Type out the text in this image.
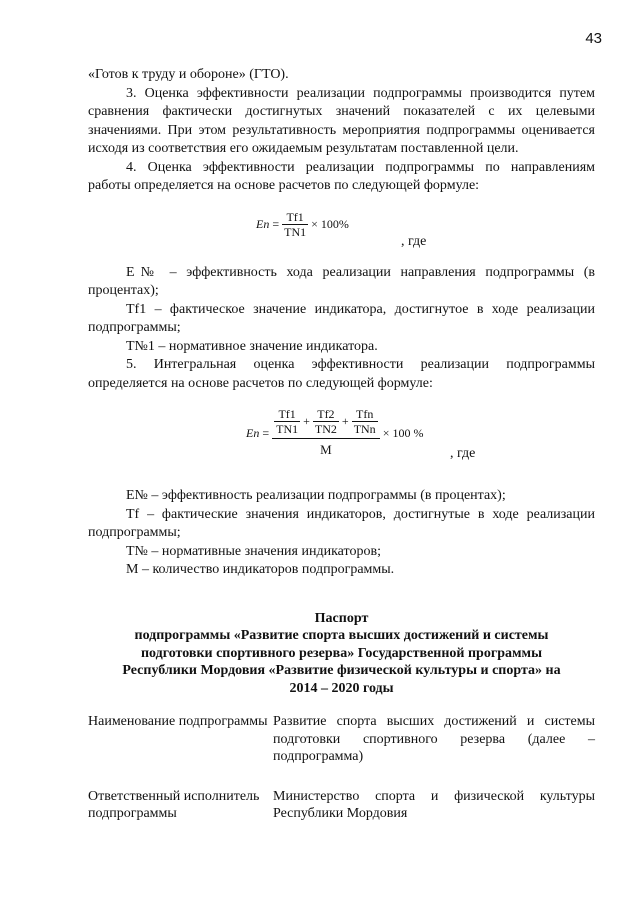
43

«Готов к труду и обороне» (ГТО).

3. Оценка эффективности реализации подпрограммы производится путем сравнения фактически достигнутых значений показателей с их целевыми значениями. При этом результативность мероприятия подпрограммы оценивается исходя из соответствия его ожидаемым результатам поставленной цели.

4. Оценка эффективности реализации подпрограммы по направлениям работы определяется на основе расчетов по следующей формуле:

$En = \frac{Tf1}{TN1} \times 100\%$
, где

Е№ – эффективность хода реализации направления подпрограммы (в процентах);

Tf1 – фактическое значение индикатора, достигнутое в ходе реализации подпрограммы;

Т№1 – нормативное значение индикатора.

5. Интегральная оценка эффективности реализации подпрограммы определяется на основе расчетов по следующей формуле:

$En = \frac{Tf1}{TN1} + \frac{Tf2}{TN2} + \frac{\text{Tfn}}{\text{TNn}}$
M
× 100 %
, где

Е№ – эффективность реализации подпрограммы (в процентах);

Tf – фактические значения индикаторов, достигнутые в ходе реализации подпрограммы;

Т№ – нормативные значения индикаторов;

М – количество индикаторов подпрограммы.

Паспорт
подпрограммы «Развитие спорта высших достижений и системы
подготовки спортивного резерва» Государственной программы
Республики Мордовия «Развитие физической культуры и спорта» на
2014 – 2020 годы
Наименование подпрограммы	Развитие спорта высших достижений и системы подготовки спортивного резерва (далее – подпрограмма)

Ответственный исполнитель подпрограммы	Министерство спорта и физической культуры Республики Мордовия
